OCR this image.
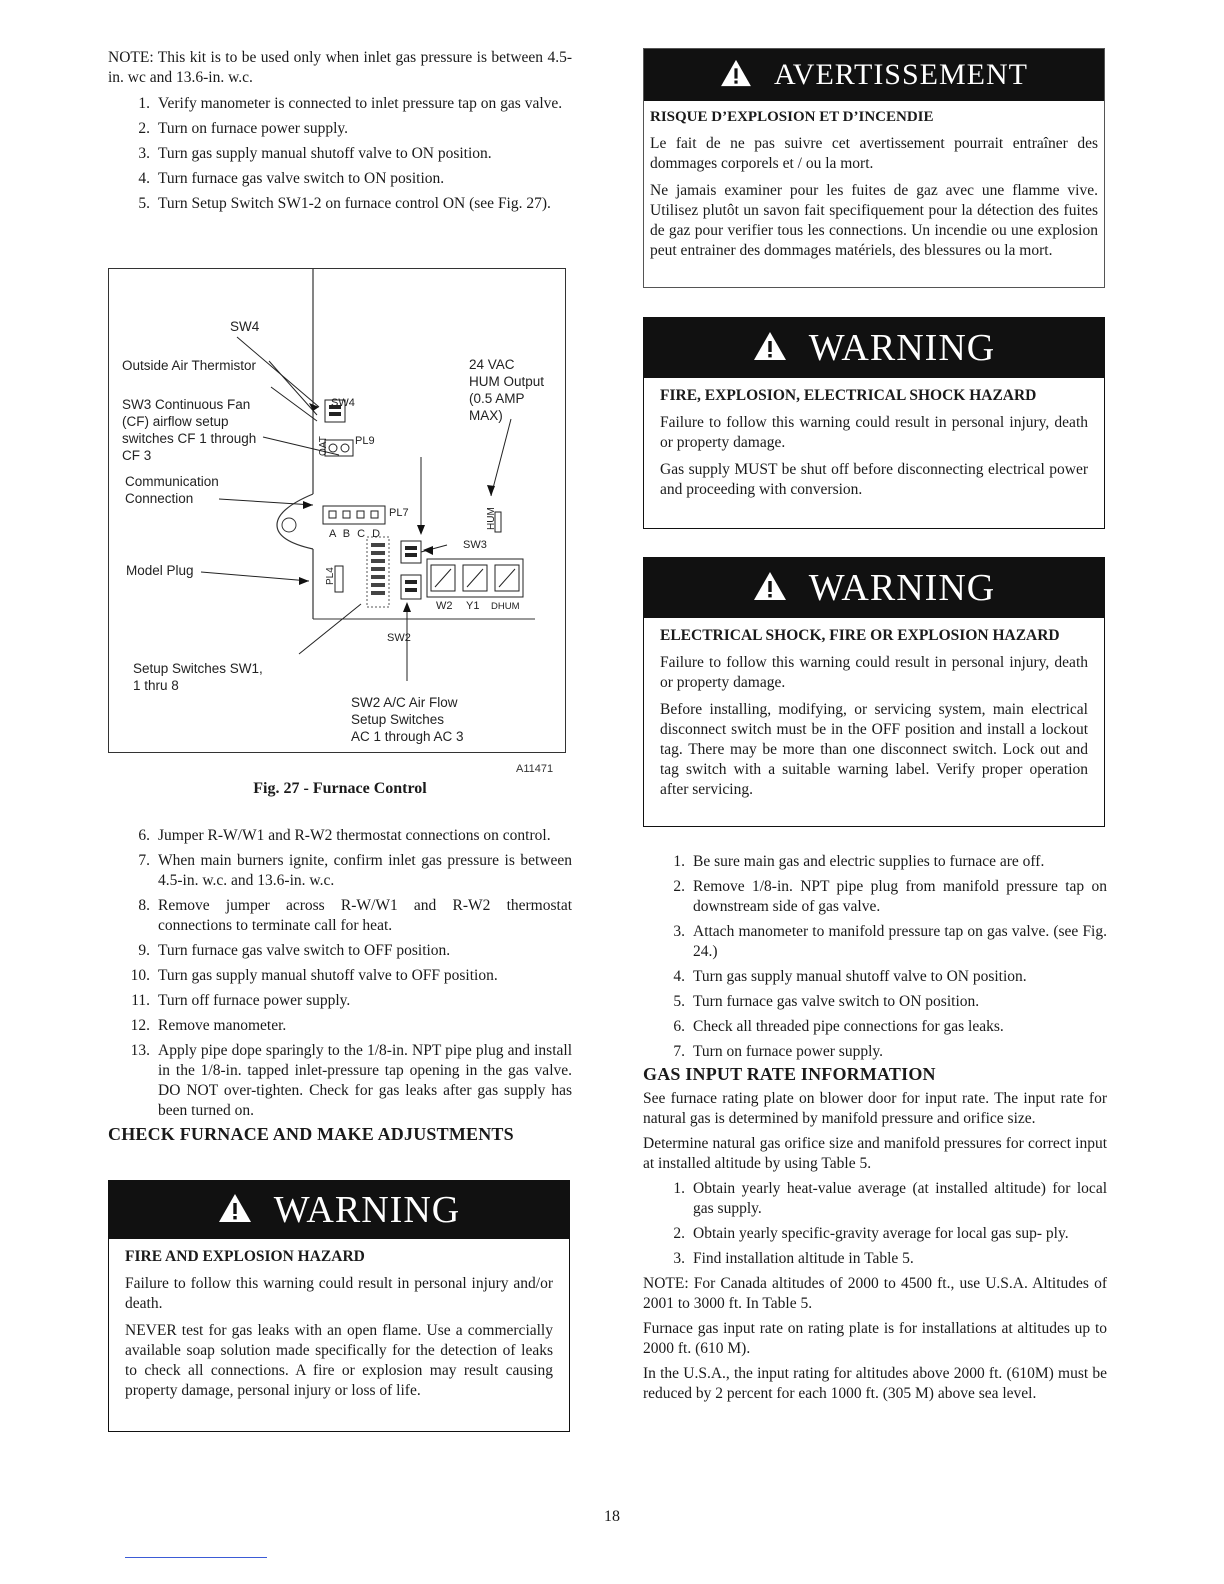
NOTE: This kit is to be used only when inlet gas pressure is between 4.5-in. wc and 13.6-in. w.c.

1. Verify manometer is connected to inlet pressure tap on gas valve.
2. Turn on furnace power supply.
3. Turn gas supply manual shutoff valve to ON position.
4. Turn furnace gas valve switch to ON position.
5. Turn Setup Switch SW1-2 on furnace control ON (see Fig. 27).
SW4
Outside Air Thermistor
SW3 Continuous Fan
(CF) airflow setup
switches CF 1 through
CF 3
Communication
Connection
Model Plug
Setup Switches SW1,
1 thru 8
SW2 A/C Air Flow
Setup Switches
AC 1 through AC 3
24 VAC
HUM Output
(0.5 AMP
MAX)
SW4
OAT PL9
PL7
A B C D
HUM
SW3
PL4
SW2
W2 Y1 DHUM
A11471
Fig. 27 - Furnace Control
6. Jumper R-W/W1 and R-W2 thermostat connections on control.
7. When main burners ignite, confirm inlet gas pressure is between 4.5-in. w.c. and 13.6-in. w.c.
8. Remove jumper across R-W/W1 and R-W2 thermostat connections to terminate call for heat.
9. Turn furnace gas valve switch to OFF position.
10. Turn gas supply manual shutoff valve to OFF position.
11. Turn off furnace power supply.
12. Remove manometer.
13. Apply pipe dope sparingly to the 1/8-in. NPT pipe plug and install in the 1/8-in. tapped inlet-pressure tap opening in the gas valve. DO NOT over-tighten. Check for gas leaks after gas supply has been turned on.
CHECK FURNACE AND MAKE ADJUSTMENTS
WARNING
FIRE AND EXPLOSION HAZARD

Failure to follow this warning could result in personal injury and/or death.

NEVER test for gas leaks with an open flame. Use a commercially available soap solution made specifically for the detection of leaks to check all connections. A fire or explosion may result causing property damage, personal injury or loss of life.

AVERTISSEMENT
RISQUE D’EXPLOSION ET D’INCENDIE

Le fait de ne pas suivre cet avertissement pourrait entraîner des dommages corporels et / ou la mort.

Ne jamais examiner pour les fuites de gaz avec une flamme vive. Utilisez plutôt un savon fait specifiquement pour la détection des fuites de gaz pour verifier tous les connections. Un incendie ou une explosion peut entrainer des dommages matériels, des blessures ou la mort.

WARNING
FIRE, EXPLOSION, ELECTRICAL SHOCK HAZARD

Failure to follow this warning could result in personal injury, death or property damage.

Gas supply MUST be shut off before disconnecting electrical power and proceeding with conversion.

WARNING
ELECTRICAL SHOCK, FIRE OR EXPLOSION HAZARD

Failure to follow this warning could result in personal injury, death or property damage.

Before installing, modifying, or servicing system, main electrical disconnect switch must be in the OFF position and install a lockout tag. There may be more than one disconnect switch. Lock out and tag switch with a suitable warning label. Verify proper operation after servicing.

1. Be sure main gas and electric supplies to furnace are off.
2. Remove 1/8-in. NPT pipe plug from manifold pressure tap on downstream side of gas valve.
3. Attach manometer to manifold pressure tap on gas valve. (see Fig. 24.)
4. Turn gas supply manual shutoff valve to ON position.
5. Turn furnace gas valve switch to ON position.
6. Check all threaded pipe connections for gas leaks.
7. Turn on furnace power supply.
GAS INPUT RATE INFORMATION

See furnace rating plate on blower door for input rate. The input rate for natural gas is determined by manifold pressure and orifice size.

Determine natural gas orifice size and manifold pressures for correct input at installed altitude by using Table 5.

1. Obtain yearly heat-value average (at installed altitude) for local gas supply.
2. Obtain yearly specific-gravity average for local gas sup- ply.
3. Find installation altitude in Table 5.

NOTE: For Canada altitudes of 2000 to 4500 ft., use U.S.A. Altitudes of 2001 to 3000 ft. In Table 5.

Furnace gas input rate on rating plate is for installations at altitudes up to 2000 ft. (610 M).

In the U.S.A., the input rating for altitudes above 2000 ft. (610M) must be reduced by 2 percent for each 1000 ft. (305 M) above sea level.

18
